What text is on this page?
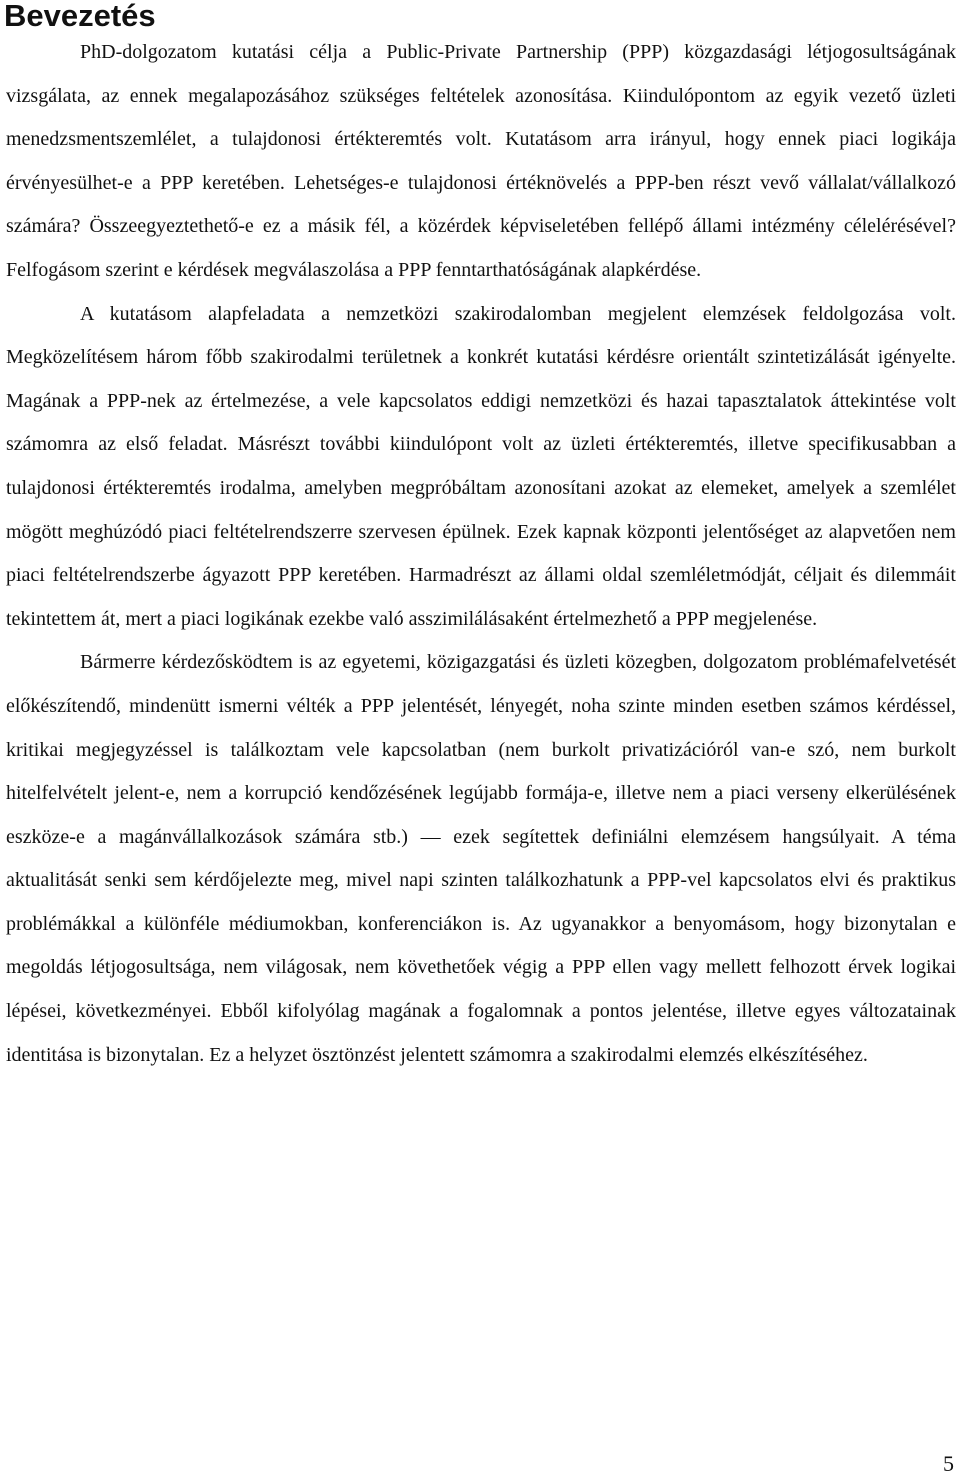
Bevezetés

PhD-dolgozatom kutatási célja a Public-Private Partnership (PPP) közgazdasági létjogosultságának vizsgálata, az ennek megalapozásához szükséges feltételek azonosítása. Kiindulópontom az egyik vezető üzleti menedzsmentszemlélet, a tulajdonosi értékteremtés volt. Kutatásom arra irányul, hogy ennek piaci logikája érvényesülhet-e a PPP keretében. Lehetséges-e tulajdonosi értéknövelés a PPP-ben részt vevő vállalat/vállalkozó számára? Összeegyeztethető-e ez a másik fél, a közérdek képviseletében fellépő állami intézmény célelérésével? Felfogásom szerint e kérdések megválaszolása a PPP fenntarthatóságának alapkérdése.

A kutatásom alapfeladata a nemzetközi szakirodalomban megjelent elemzések feldolgozása volt. Megközelítésem három főbb szakirodalmi területnek a konkrét kutatási kérdésre orientált szintetizálását igényelte. Magának a PPP-nek az értelmezése, a vele kapcsolatos eddigi nemzetközi és hazai tapasztalatok áttekintése volt számomra az első feladat. Másrészt további kiindulópont volt az üzleti értékteremtés, illetve specifikusabban a tulajdonosi értékteremtés irodalma, amelyben megpróbáltam azonosítani azokat az elemeket, amelyek a szemlélet mögött meghúzódó piaci feltételrendszerre szervesen épülnek. Ezek kapnak központi jelentőséget az alapvetően nem piaci feltételrendszerbe ágyazott PPP keretében. Harmadrészt az állami oldal szemléletmódját, céljait és dilemmáit tekintettem át, mert a piaci logikának ezekbe való asszimilálásaként értelmezhető a PPP megjelenése.

Bármerre kérdezősködtem is az egyetemi, közigazgatási és üzleti közegben, dolgozatom problémafelvetését előkészítendő, mindenütt ismerni vélték a PPP jelentését, lényegét, noha szinte minden esetben számos kérdéssel, kritikai megjegyzéssel is találkoztam vele kapcsolatban (nem burkolt privatizációról van-e szó, nem burkolt hitelfelvételt jelent-e, nem a korrupció kendőzésének legújabb formája-e, illetve nem a piaci verseny elkerülésének eszköze-e a magánvállalkozások számára stb.) — ezek segítettek definiálni elemzésem hangsúlyait. A téma aktualitását senki sem kérdőjelezte meg, mivel napi szinten találkozhatunk a PPP-vel kapcsolatos elvi és praktikus problémákkal a különféle médiumokban, konferenciákon is. Az ugyanakkor a benyomásom, hogy bizonytalan e megoldás létjogosultsága, nem világosak, nem követhetőek végig a PPP ellen vagy mellett felhozott érvek logikai lépései, következményei. Ebből kifolyólag magának a fogalomnak a pontos jelentése, illetve egyes változatainak identitása is bizonytalan. Ez a helyzet ösztönzést jelentett számomra a szakirodalmi elemzés elkészítéséhez.

5
